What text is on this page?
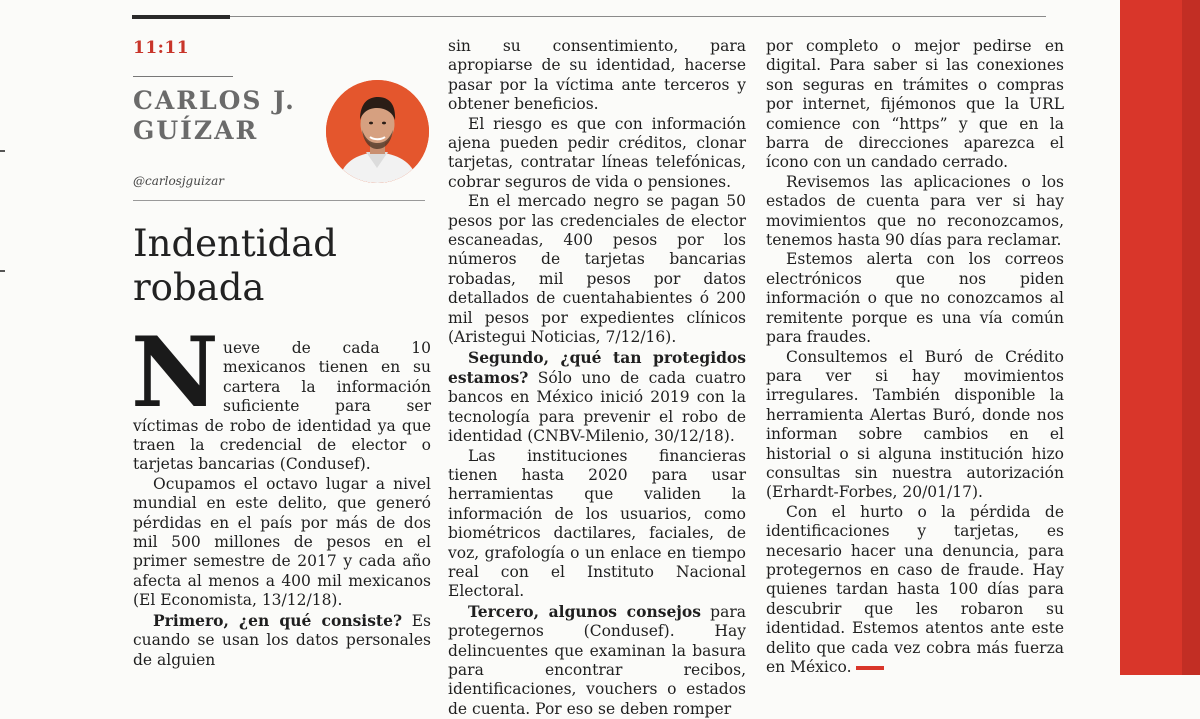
11:11
CARLOS J. GUÍZAR
@carlosjguizar
Indentidad robada

N ueve de cada 10 mexicanos tienen en su cartera la información suficiente para ser víctimas de robo de identidad ya que traen la credencial de elector o tarjetas bancarias (Condusef).

Ocupamos el octavo lugar a nivel mundial en este delito, que generó pérdidas en el país por más de dos mil 500 millones de pesos en el primer semestre de 2017 y cada año afecta al menos a 400 mil mexicanos (El Economista, 13/12/18).

Primero, ¿en qué consiste? Es cuando se usan los datos personales de alguien

sin su consentimiento, para apropiarse de su identidad, hacerse pasar por la víctima ante terceros y obtener beneficios.

El riesgo es que con información ajena pueden pedir créditos, clonar tarjetas, contratar líneas telefónicas, cobrar seguros de vida o pensiones.

En el mercado negro se pagan 50 pesos por las credenciales de elector escaneadas, 400 pesos por los números de tarjetas bancarias robadas, mil pesos por datos detallados de cuentahabientes ó 200 mil pesos por expedientes clínicos (Aristegui Noticias, 7/12/16).

Segundo, ¿qué tan protegidos estamos? Sólo uno de cada cuatro bancos en México inició 2019 con la tecnología para prevenir el robo de identidad (CNBV-Milenio, 30/12/18).

Las instituciones financieras tienen hasta 2020 para usar herramientas que validen la información de los usuarios, como biométricos dactilares, faciales, de voz, grafología o un enlace en tiempo real con el Instituto Nacional Electoral.

Tercero, algunos consejos para protegernos (Condusef). Hay delincuentes que examinan la basura para encontrar recibos, identificaciones, vouchers o estados de cuenta. Por eso se deben romper

por completo o mejor pedirse en digital. Para saber si las conexiones son seguras en trámites o compras por internet, fijémonos que la URL comience con “https” y que en la barra de direcciones aparezca el ícono con un candado cerrado.

Revisemos las aplicaciones o los estados de cuenta para ver si hay movimientos que no reconozcamos, tenemos hasta 90 días para reclamar.

Estemos alerta con los correos electrónicos que nos piden información o que no conozcamos al remitente porque es una vía común para fraudes.

Consultemos el Buró de Crédito para ver si hay movimientos irregulares. También disponible la herramienta Alertas Buró, donde nos informan sobre cambios en el historial o si alguna institución hizo consultas sin nuestra autorización (Erhardt-Forbes, 20/01/17).

Con el hurto o la pérdida de identificaciones y tarjetas, es necesario hacer una denuncia, para protegernos en caso de fraude. Hay quienes tardan hasta 100 días para descubrir que les robaron su identidad. Estemos atentos ante este delito que cada vez cobra más fuerza en México.
